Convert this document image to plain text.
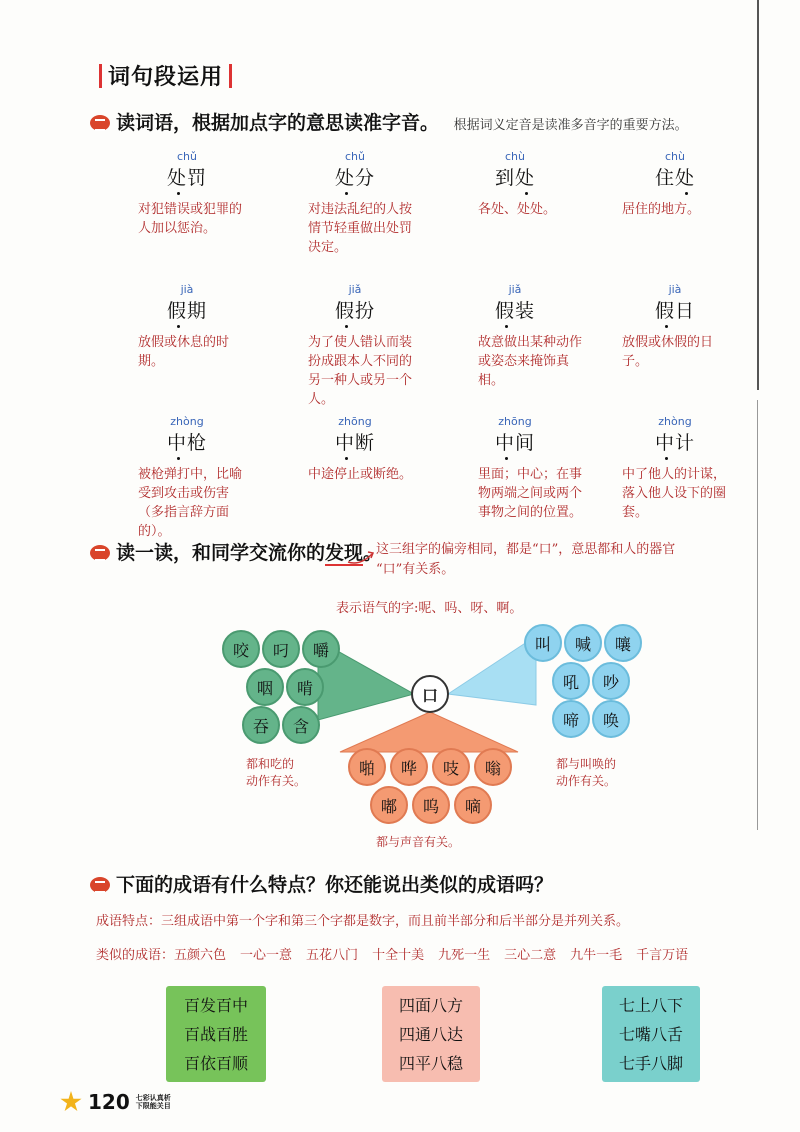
词句段运用
读词语，根据加点字的意思读准字音。 根据词义定音是读准多音字的重要方法。
chǔ
处罚
对犯错误或犯罪的人加以惩治。
chǔ
处分
对违法乱纪的人按情节轻重做出处罚决定。
chù
到处
各处、处处。
chù
住处
居住的地方。
jià
假期
放假或休息的时期。
jiǎ
假扮
为了使人错认而装扮成跟本人不同的另一种人或另一个人。
jiǎ
假装
故意做出某种动作或姿态来掩饰真相。
jià
假日
放假或休假的日子。
zhòng
中枪
被枪弹打中，比喻受到攻击或伤害（多指言辞方面的）。
zhōng
中断
中途停止或断绝。
zhōng
中间
里面；中心；在事物两端之间或两个事物之间的位置。
zhòng
中计
中了他人的计谋，落入他人设下的圈套。
读一读，和同学交流你的发现。
这三组字的偏旁相同，都是“口”，意思都和人的器官
“口”有关系。
表示语气的字:呢、吗、呀、啊。
口
咬	叼	嚼
咽	啃
吞	含
叫	喊	嚷
吼	吵
啼	唤
啪	哗	吱	嗡
嘟	呜	嘀
都和吃的
动作有关。
都与叫唤的
动作有关。
都与声音有关。
下面的成语有什么特点？你还能说出类似的成语吗？
成语特点：三组成语中第一个字和第三个字都是数字，而且前半部分和后半部分是并列关系。
类似的成语：五颜六色 一心一意 五花八门 十全十美 九死一生 三心二意 九牛一毛 千言万语
百发百中
百战百胜
百依百顺
四面八方
四通八达
四平八稳
七上八下
七嘴八舌
七手八脚
120 七彩认真析
下限能关目
